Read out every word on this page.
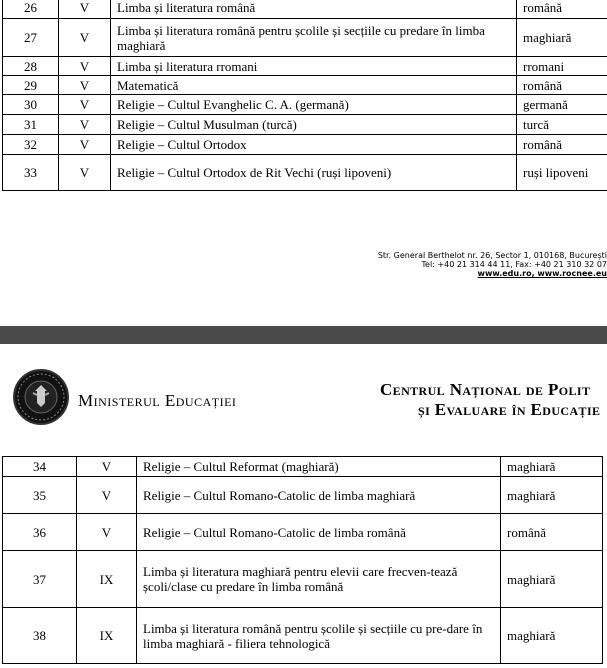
26	V	Limba și literatura română	română
27	V	Limba și literatura română pentru școlile și secțiile cu predare în limba maghiară	maghiară
28	V	Limba și literatura rromani	rromani
29	V	Matematică	română
30	V	Religie – Cultul Evanghelic C. A. (germană)	germană
31	V	Religie – Cultul Musulman (turcă)	turcă
32	V	Religie – Cultul Ortodox	română
33	V	Religie – Cultul Ortodox de Rit Vechi (ruși lipoveni)	ruși lipoveni
Str. General Berthelot nr. 26, Sector 1, 010168, București
Tel: +40 21 314 44 11, Fax: +40 21 310 32 07
www.edu.ro, www.rocnee.eu
Ministerul Educației
Centrul Național de Polit
și Evaluare în Educație
34	V	Religie – Cultul Reformat (maghiară)	maghiară
35	V	Religie – Cultul Romano-Catolic de limba maghiară	maghiară
36	V	Religie – Cultul Romano-Catolic de limba română	română
37	IX	Limba și literatura maghiară pentru elevii care frecven-tează școli/clase cu predare în limba română	maghiară
38	IX	Limba și literatura română pentru școlile și secțiile cu pre-dare în limba maghiară - filiera tehnologică	maghiară
